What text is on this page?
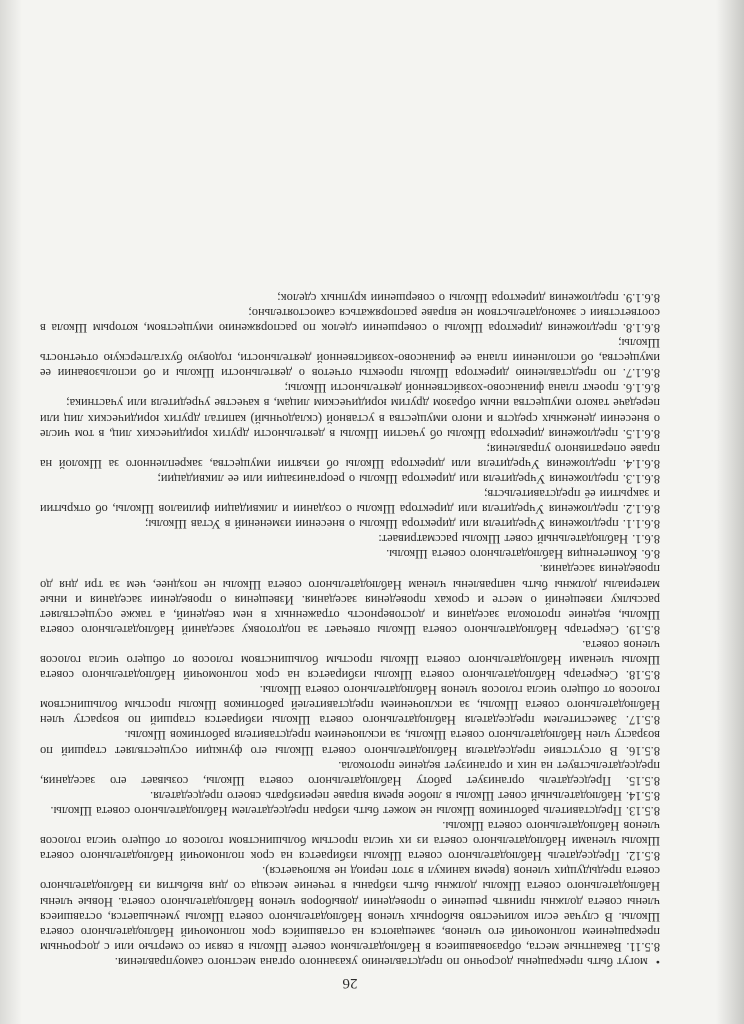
26
•

могут быть прекращены досрочно по представлению указанного органа местного самоуправления.

8.5.11. Вакантные места, образовавшиеся в Наблюдательном совете Школы в связи со смертью или с досрочным прекращением полномочий его членов, замещаются на оставшийся срок полномочий Наблюдательного совета Школы. В случае если количество выборных членов Наблюдательного совета Школы уменьшается, оставшиеся члены совета должны принять решение о проведении довыборов членов Наблюдательного совета. Новые члены Наблюдательного совета Школы должны быть избраны в течение месяца со дня выбытия из Наблюдательного совета предыдущих членов (время каникул в этот период не включается).

8.5.12. Председатель Наблюдательного совета Школы избирается на срок полномочий Наблюдательного совета Школы членами Наблюдательного совета из их числа простым большинством голосов от общего числа голосов членов Наблюдательного совета Школы.

8.5.13. Представитель работников Школы не может быть избран председателем Наблюдательного совета Школы.

8.5.14. Наблюдательный совет Школы в любое время вправе переизбрать своего председателя.

8.5.15. Председатель организует работу Наблюдательного совета Школы, созывает его заседания, председательствует на них и организует ведение протокола.

8.5.16. В отсутствие председателя Наблюдательного совета Школы его функции осуществляет старший по возрасту член Наблюдательного совета Школы, за исключением представителя работников Школы.

8.5.17. Заместителем председателя Наблюдательного совета Школы избирается старший по возрасту член Наблюдательного совета Школы, за исключением представителей работников Школы простым большинством голосов от общего числа голосов членов Наблюдательного совета Школы.

8.5.18. Секретарь Наблюдательного совета Школы избирается на срок полномочий Наблюдательного совета Школы членами Наблюдательного совета Школы простым большинством голосов от общего числа голосов членов совета.

8.5.19. Секретарь Наблюдательного совета Школы отвечает за подготовку заседаний Наблюдательного совета Школы, ведение протокола заседания и достоверность отраженных в нем сведений, а также осуществляет рассылку извещений о месте и сроках проведения заседания. Извещения о проведении заседания и иные материалы должны быть направлены членам Наблюдательного совета Школы не позднее, чем за три дня до проведения заседания.

8.6. Компетенция Наблюдательного совета Школы.

8.6.1. Наблюдательный совет Школы рассматривает:

8.6.1.1. предложения Учредителя или директора Школы о внесении изменений в Устав Школы;

8.6.1.2. предложения Учредителя или директора Школы о создании и ликвидации филиалов Школы, об открытии и закрытии её представительств;

8.6.1.3. предложения Учредителя или директора Школы о реорганизации или ее ликвидации;

8.6.1.4. предложения Учредителя или директора Школы об изъятии имущества, закрепленного за Школой на праве оперативного управления;

8.6.1.5. предложения директора Школы об участии Школы в деятельности других юридических лиц, в том числе о внесении денежных средств и иного имущества в уставной (складочный) капитал других юридических лиц или передаче такого имущества иным образом другим юридическим лицам, в качестве учредителя или участника;

8.6.1.6. проект плана финансово-хозяйственной деятельности Школы;

8.6.1.7. по представлению директора Школы проекты отчетов о деятельности Школы и об использовании ее имущества, об исполнении плана ее финансово-хозяйственной деятельности, годовую бухгалтерскую отчетность Школы;

8.6.1.8. предложения директора Школы о совершении сделок по распоряжению имуществом, которым Школа в соответствии с законодательством не вправе распоряжаться самостоятельно;

8.6.1.9. предложения директора Школы о совершении крупных сделок;
